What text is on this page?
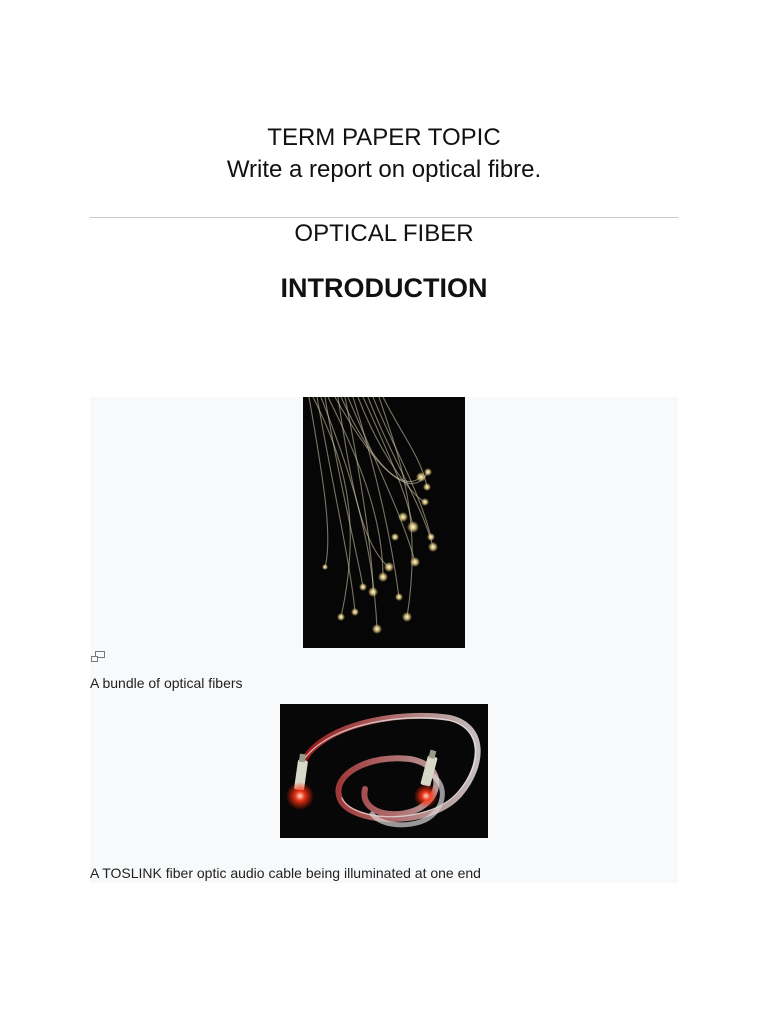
TERM PAPER TOPIC
Write a report on optical fibre.
OPTICAL FIBER
INTRODUCTION
A bundle of optical fibers
A TOSLINK fiber optic audio cable being illuminated at one end
